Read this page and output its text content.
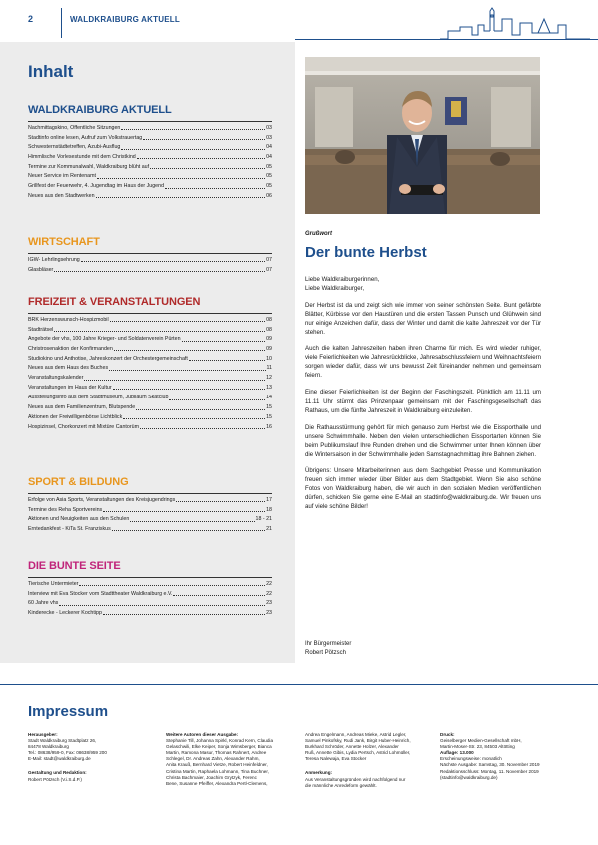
2	WALDKRAIBURG AKTUELL
Inhalt
WALDKRAIBURG AKTUELL
Nachmittagskino, Öffentliche Sitzungen	03
Stadtinfo online lesen, Aufruf zum Volkstrauertag	03
Schwesternstädtetreffen, Azubi-Ausflug	04
Himmlische Vorlesestunde mit dem Christkind	04
Termine zur Kommunalwahl, Waldkraiburg blüht auf	05
Neuer Service im Rentenamt	05
Grillfest der Feuerwehr, 4. Jugendtag im Haus der Jugend	05
Neues aus den Stadtwerken	06
WIRTSCHAFT
IGW- Lehrlingsehrung	07
Glasbläser	07
FREIZEIT & VERANSTALTUNGEN
BRK Herzenswunsch-Hospizmobil	08
Stadträtsel	08
Angebote der vhs, 100 Jahre Krieger- und Soldatenverein Pürten	09
Christrosenaktion der Konfirmanden	09
Studiokino und Anthotise, Jahreskonzert der Orchestergemeinschaft	10
Neues aus dem Haus des Buches	11
Veranstaltungskalender	12
Veranstaltungen im Haus der Kultur	13
Ausstellungsinfo aus dem Stadtmuseum, Jubiläum Skatclub	14
Neues aus dem Familienzentrum, Blutspende	15
Aktionen der Freiwilligenbörse Lichtblick	15
Hospizinsel, Chorkonzert mit Mixtüre Cantorüm	16
SPORT & BILDUNG
Erfolge von Asia Sports, Veranstaltungen des Kreisjugendrings	17
Termine des Reha Sportvereins	18
Aktionen und Neuigkeiten aus den Schulen	18 - 21
Erntedankfest - KiTa St. Franziskus	21
DIE BUNTE SEITE
Tierische Untermieter	22
Interview mit Eva Stocker vom Stadttheater Waldkraiburg e.V.	22
60 Jahre vhs	23
Kinderecke - Leckerer Kochtipp	23
Grußwort
Der bunte Herbst

Liebe Waldkraiburgerinnen,

Liebe Waldkraiburger,

Der Herbst ist da und zeigt sich wie immer von seiner schönsten Seite. Bunt gefärbte Blätter, Kürbisse vor den Haustüren und die ersten Tassen Punsch und Glühwein sind nur einige Anzeichen dafür, dass der Winter und damit die kalte Jahreszeit vor der Tür stehen.

Auch die kalten Jahreszeiten haben ihren Charme für mich. Es wird wieder ruhiger, viele Feierlichkeiten wie Jahresrückblicke, Jahresabschlussfeiern und Weihnachtsfeiern sorgen wieder dafür, dass wir uns bewusst Zeit füreinander nehmen und gemeinsam feiern.

Eine dieser Feierlichkeiten ist der Beginn der Faschingszeit. Pünktlich am 11.11 um 11.11 Uhr stürmt das Prinzenpaar gemeinsam mit der Faschingsgesellschaft das Rathaus, um die fünfte Jahreszeit in Waldkraiburg einzuleiten.

Die Rathausstürmung gehört für mich genauso zum Herbst wie die Eissporthalle und unsere Schwimmhalle. Neben den vielen unterschiedlichen Eissportarten können Sie beim Publikumslauf Ihre Runden drehen und die Schwimmer unter Ihnen können über die Wintersaison in der Schwimmhalle jeden Samstagnachmittag ihre Bahnen ziehen.

Übrigens: Unsere Mitarbeiterinnen aus dem Sachgebiet Presse und Kommunikation freuen sich immer wieder über Bilder aus dem Stadtgebiet. Wenn Sie also schöne Fotos von Waldkraiburg haben, die wir auch in den sozialen Medien veröffentlichen dürfen, schicken Sie gerne eine E-Mail an stadtinfo@waldkraiburg.de. Wir freuen uns auf viele schöne Bilder!

Ihr Bürgermeister
Robert Pötzsch
Impressum
Herausgeber:
Stadt Waldkraiburg Stadtplatz 26,
84478 Waldkraiburg
Tel.: 08638/959-0, Fax: 08638/959 200
E-Mail: stadt@waldkraiburg.de
Gestaltung und Redaktion:
Robert Pötzsch (V.i.S.d.P.)
Weitere Autoren dieser Ausgabe:
Stephanie Till, Johanna Spirkl, Konrad Kern, Claudia
Gelaschwili, Elke Keiper, Sonja Wimsberger, Bianca
Martin, Ramona Masur, Thomas Rahnert, Andree
Schlegel, Dr. Andreas Zahn, Alexander Rahm,
Anita Krauß, Bernhard Vietze, Robert Heinfeldner,
Cristina Martin, Raphaela Lohmann, Tina Buchner,
Christa Bachmaier, Joachim Grytzyk, Ferenc
Bene, Susanne Pfeiffer, Alexandra Pertl-Clemens,
Andrea Engelmann, Andreas Mieke, Astrid Legler,
Samuel Pinkofsky, Rudi Jank, Birgit Huber-Heinrich,
Burkhard Schröder, Annette Holzer, Alexander
Ruß, Annette Gibis, Lydia Pertsch, Astrid Lohmüller,
Teresa Nalewaja, Eva Stocker
Anmerkung:
Aus Veranstaltungsgründen wird nachfolgend nur
die männliche Anredeform gewählt.
Druck:
Geiselberger Medien-Gesellschaft mbH,
Martin-Moser-Str. 23, 84503 Altötting
Auflage: 13.000
Erscheinungsweise: monatlich
Nächste Ausgabe: Samstag, 30. November 2019
Redaktionsschluss: Montag, 11. November 2019
(stadtinfo@waldkraiburg.de)
